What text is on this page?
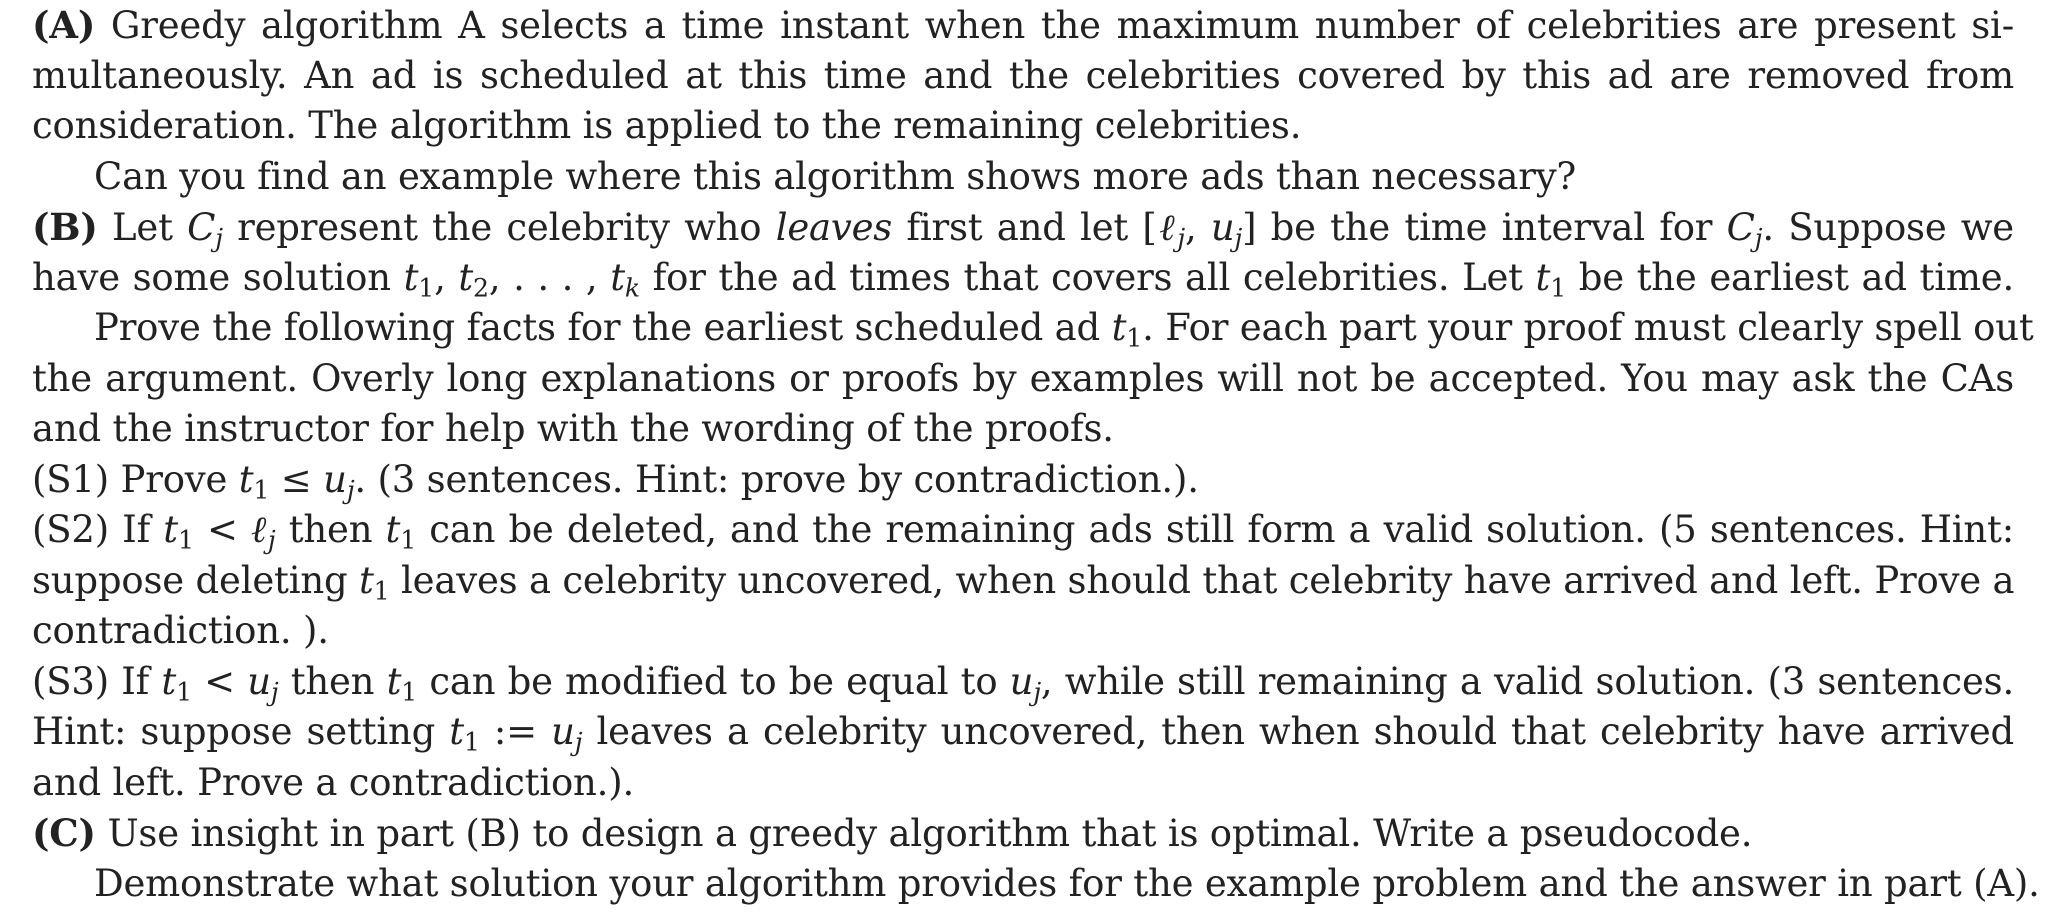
(A) Greedy algorithm A selects a time instant when the maximum number of celebrities are present si-
multaneously. An ad is scheduled at this time and the celebrities covered by this ad are removed from
consideration. The algorithm is applied to the remaining celebrities.
Can you find an example where this algorithm shows more ads than necessary?
(B) Let $C_j$ represent the celebrity who leaves first and let [ℓ$_j$, $u_j$] be the time interval for $C_j$. Suppose we
have some solution $t_1$, $t_2$, . . . , $t_k$ for the ad times that covers all celebrities. Let $t_1$ be the earliest ad time.
Prove the following facts for the earliest scheduled ad $t_1$. For each part your proof must clearly spell out
the argument. Overly long explanations or proofs by examples will not be accepted. You may ask the CAs
and the instructor for help with the wording of the proofs.
(S1) Prove $t_1 \le u_j$. (3 sentences. Hint: prove by contradiction.).
(S2) If $t_1$ < ℓ$_j$ then $t_1$ can be deleted, and the remaining ads still form a valid solution. (5 sentences. Hint:
suppose deleting $t_1$ leaves a celebrity uncovered, when should that celebrity have arrived and left. Prove a
contradiction. ).
(S3) If $t_1 < u_j$ then $t_1$ can be modified to be equal to $u_j$, while still remaining a valid solution. (3 sentences.
Hint: suppose setting $t_1$ := $u_j$ leaves a celebrity uncovered, then when should that celebrity have arrived
and left. Prove a contradiction.).
(C) Use insight in part (B) to design a greedy algorithm that is optimal. Write a pseudocode.
Demonstrate what solution your algorithm provides for the example problem and the answer in part (A).
